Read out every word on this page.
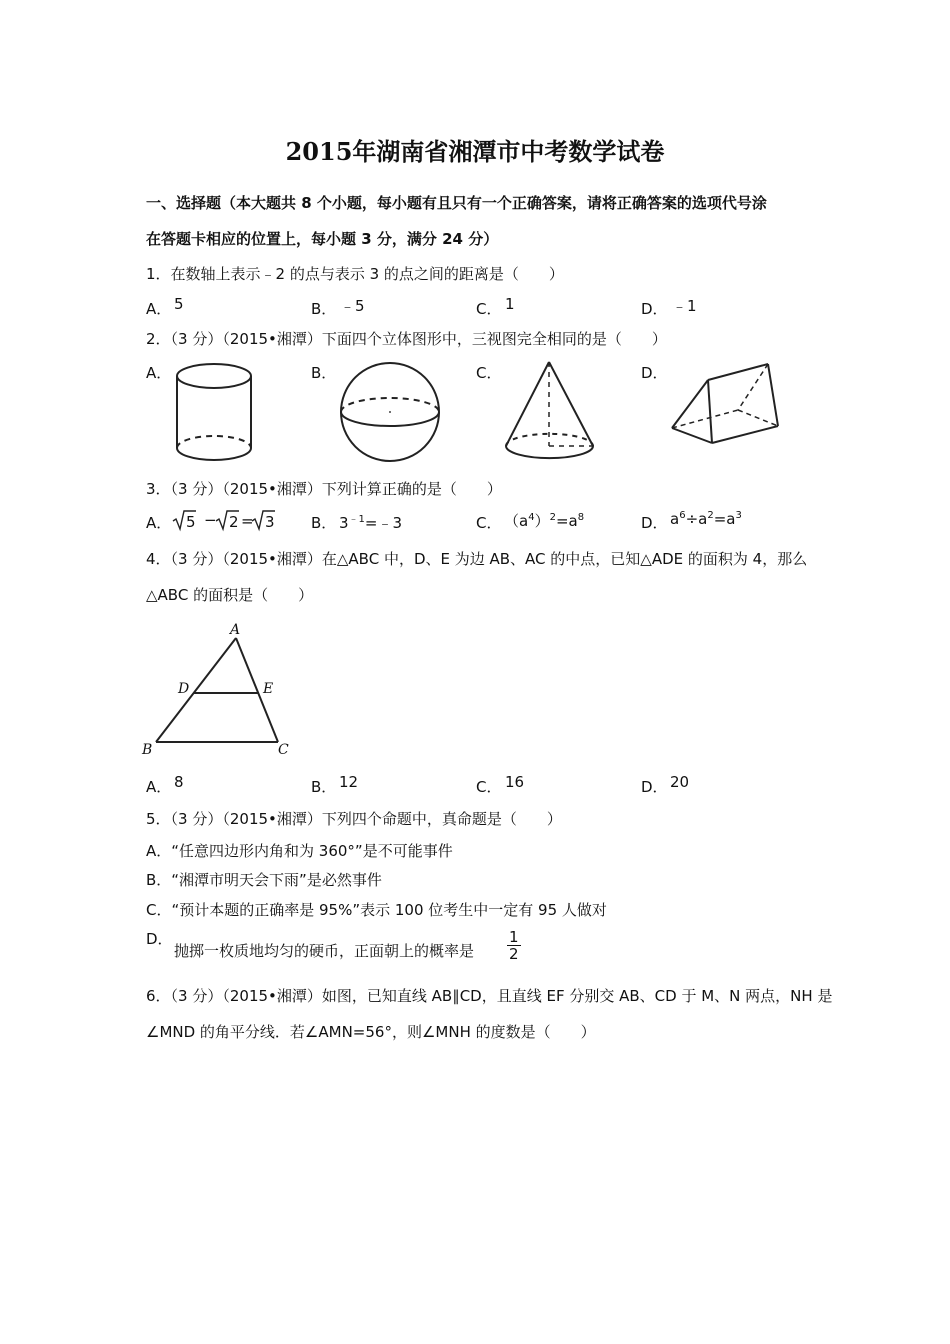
2015年湖南省湘潭市中考数学试卷
一、选择题（本大题共 8 个小题，每小题有且只有一个正确答案，请将正确答案的选项代号涂
在答题卡相应的位置上，每小题 3 分，满分 24 分）
1．在数轴上表示﹣2 的点与表示 3 的点之间的距离是（　　）
A． 5	B． ﹣5	C． 1	D． ﹣1
2．（3 分）（2015•湘潭）下面四个立体图形中，三视图完全相同的是（　　）
A．	B．	C．	D．
3．（3 分）（2015•湘潭）下列计算正确的是（　　）
A． 5 − 2 = 3 B． $3^{﹣1}=﹣3$	C． $(a^4)^2=a^8$	D． $a^6\div a^2=a^3$
4．（3 分）（2015•湘潭）在△ABC 中，D、E 为边 AB、AC 的中点，已知△ADE 的面积为 4，那么
△ABC 的面积是（　　）
A
D	E
B	C
A． 8	B． 12	C． 16	D． 20
5．（3 分）（2015•湘潭）下列四个命题中，真命题是（　　）
A．“任意四边形内角和为 360°”是不可能事件
B．“湘潭市明天会下雨”是必然事件
C．“预计本题的正确率是 95%”表示 100 位考生中一定有 95 人做对
D．
抛掷一枚质地均匀的硬币，正面朝上的概率是 $\frac{1}{2}$
6．（3 分）（2015•湘潭）如图，已知直线 AB∥CD，且直线 EF 分别交 AB、CD 于 M、N 两点，NH 是
∠MND 的角平分线．若∠AMN=56°，则∠MNH 的度数是（　　）
